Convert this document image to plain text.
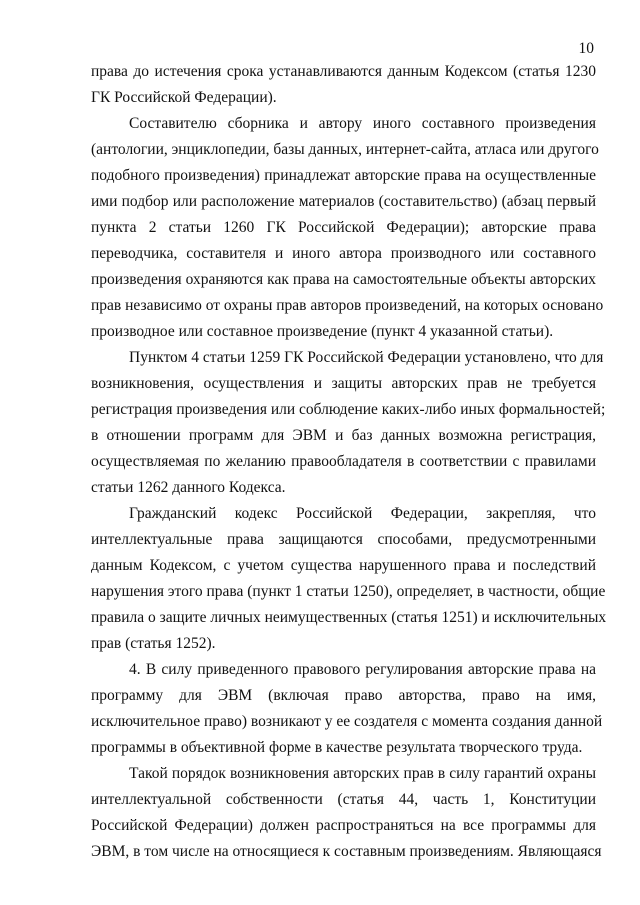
10
права до истечения срока устанавливаются данным Кодексом (статья 1230
ГК Российской Федерации).
Составителю сборника и автору иного составного произведения
(антологии, энциклопедии, базы данных, интернет-сайта, атласа или другого
подобного произведения) принадлежат авторские права на осуществленные
ими подбор или расположение материалов (составительство) (абзац первый
пункта 2 статьи 1260 ГК Российской Федерации); авторские права
переводчика, составителя и иного автора производного или составного
произведения охраняются как права на самостоятельные объекты авторских
прав независимо от охраны прав авторов произведений, на которых основано
производное или составное произведение (пункт 4 указанной статьи).
Пунктом 4 статьи 1259 ГК Российской Федерации установлено, что для
возникновения, осуществления и защиты авторских прав не требуется
регистрация произведения или соблюдение каких-либо иных формальностей;
в отношении программ для ЭВМ и баз данных возможна регистрация,
осуществляемая по желанию правообладателя в соответствии с правилами
статьи 1262 данного Кодекса.
Гражданский кодекс Российской Федерации, закрепляя, что
интеллектуальные права защищаются способами, предусмотренными
данным Кодексом, с учетом существа нарушенного права и последствий
нарушения этого права (пункт 1 статьи 1250), определяет, в частности, общие
правила о защите личных неимущественных (статья 1251) и исключительных
прав (статья 1252).
4. В силу приведенного правового регулирования авторские права на
программу для ЭВМ (включая право авторства, право на имя,
исключительное право) возникают у ее создателя с момента создания данной
программы в объективной форме в качестве результата творческого труда.
Такой порядок возникновения авторских прав в силу гарантий охраны
интеллектуальной собственности (статья 44, часть 1, Конституции
Российской Федерации) должен распространяться на все программы для
ЭВМ, в том числе на относящиеся к составным произведениям. Являющаяся
